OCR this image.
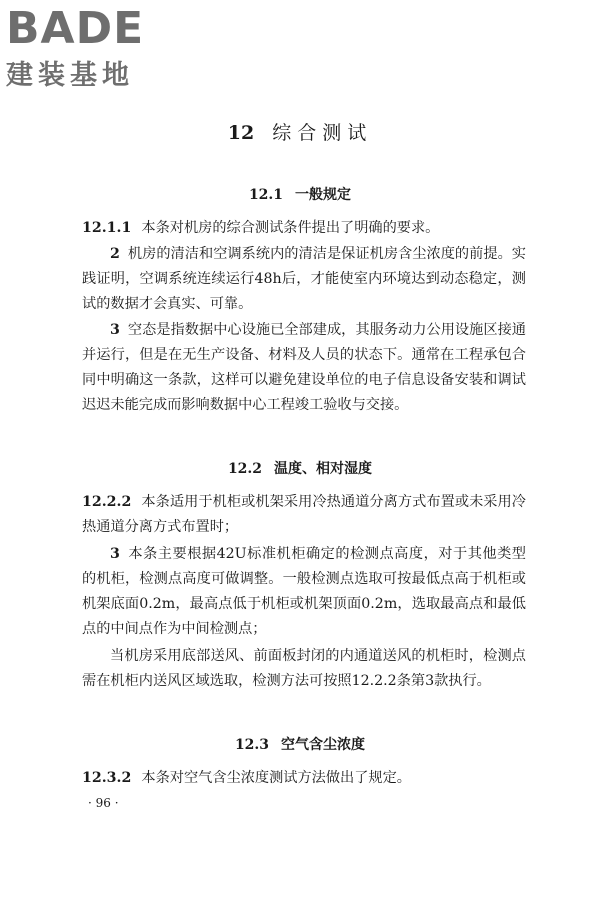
BADE
建装基地
12 综合测试
12.1 一般规定

12.1.1 本条对机房的综合测试条件提出了明确的要求。

2 机房的清洁和空调系统内的清洁是保证机房含尘浓度的前提。实践证明，空调系统连续运行48h后，才能使室内环境达到动态稳定，测试的数据才会真实、可靠。

3 空态是指数据中心设施已全部建成，其服务动力公用设施区接通并运行，但是在无生产设备、材料及人员的状态下。通常在工程承包合同中明确这一条款，这样可以避免建设单位的电子信息设备安装和调试迟迟未能完成而影响数据中心工程竣工验收与交接。

12.2 温度、相对湿度

12.2.2 本条适用于机柜或机架采用冷热通道分离方式布置或未采用冷热通道分离方式布置时；

3 本条主要根据42U标准机柜确定的检测点高度，对于其他类型的机柜，检测点高度可做调整。一般检测点选取可按最低点高于机柜或机架底面0.2m，最高点低于机柜或机架顶面0.2m，选取最高点和最低点的中间点作为中间检测点；

当机房采用底部送风、前面板封闭的内通道送风的机柜时，检测点需在机柜内送风区域选取，检测方法可按照12.2.2条第3款执行。

12.3 空气含尘浓度

12.3.2 本条对空气含尘浓度测试方法做出了规定。

· 96 ·
